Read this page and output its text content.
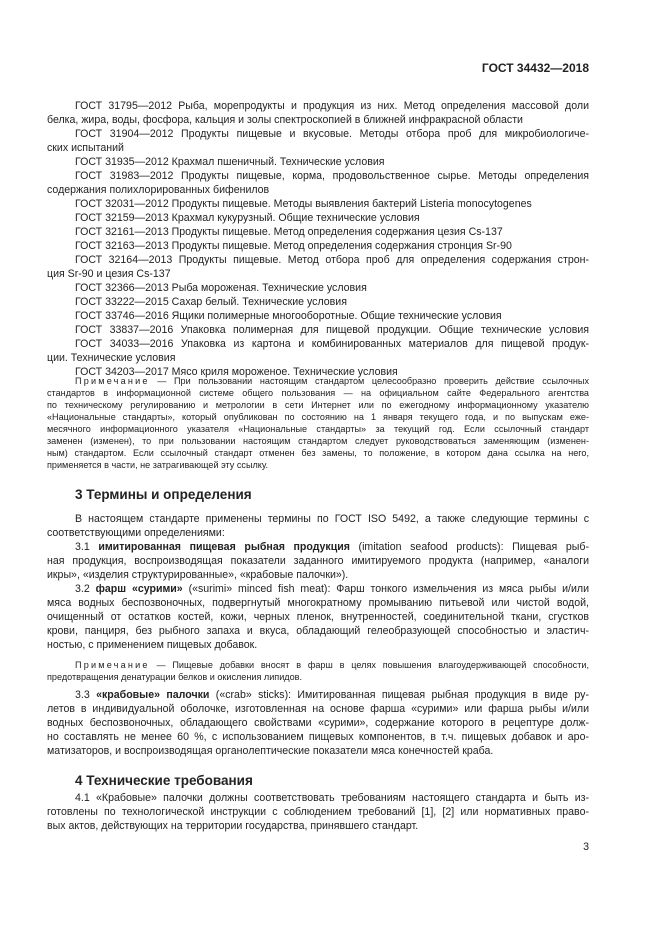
ГОСТ 34432—2018
ГОСТ 31795—2012 Рыба, морепродукты и продукция из них. Метод определения массовой доли
белка, жира, воды, фосфора, кальция и золы спектроскопией в ближней инфракрасной области
ГОСТ 31904—2012 Продукты пищевые и вкусовые. Методы отбора проб для микробиологиче-
ских испытаний
ГОСТ 31935—2012 Крахмал пшеничный. Технические условия
ГОСТ 31983—2012 Продукты пищевые, корма, продовольственное сырье. Методы определения
содержания полихлорированных бифенилов
ГОСТ 32031—2012 Продукты пищевые. Методы выявления бактерий Listeria monocytogenes
ГОСТ 32159—2013 Крахмал кукурузный. Общие технические условия
ГОСТ 32161—2013 Продукты пищевые. Метод определения содержания цезия Cs-137
ГОСТ 32163—2013 Продукты пищевые. Метод определения содержания стронция Sr-90
ГОСТ 32164—2013 Продукты пищевые. Метод отбора проб для определения содержания строн-
ция Sr-90 и цезия Cs-137
ГОСТ 32366—2013 Рыба мороженая. Технические условия
ГОСТ 33222—2015 Сахар белый. Технические условия
ГОСТ 33746—2016 Ящики полимерные многооборотные. Общие технические условия
ГОСТ 33837—2016 Упаковка полимерная для пищевой продукции. Общие технические условия
ГОСТ 34033—2016 Упаковка из картона и комбинированных материалов для пищевой продук-
ции. Технические условия
ГОСТ 34203—2017 Мясо криля мороженое. Технические условия
Примечание — При пользовании настоящим стандартом целесообразно проверить действие ссылочных
стандартов в информационной системе общего пользования — на официальном сайте Федерального агентства
по техническому регулированию и метрологии в сети Интернет или по ежегодному информационному указателю
«Национальные стандарты», который опубликован по состоянию на 1 января текущего года, и по выпускам еже-
месячного информационного указателя «Национальные стандарты» за текущий год. Если ссылочный стандарт
заменен (изменен), то при пользовании настоящим стандартом следует руководствоваться заменяющим (изменен-
ным) стандартом. Если ссылочный стандарт отменен без замены, то положение, в котором дана ссылка на него,
применяется в части, не затрагивающей эту ссылку.
3 Термины и определения
В настоящем стандарте применены термины по ГОСТ ISO 5492, а также следующие термины с
соответствующими определениями:
3.1 имитированная пищевая рыбная продукция (imitation seafood products): Пищевая рыб-
ная продукция, воспроизводящая показатели заданного имитируемого продукта (например, «аналоги
икры», «изделия структурированные», «крабовые палочки»).
3.2 фарш «сурими» («surimi» minced fish meat): Фарш тонкого измельчения из мяса рыбы и/или
мяса водных беспозвоночных, подвергнутый многократному промыванию питьевой или чистой водой,
очищенный от остатков костей, кожи, черных пленок, внутренностей, соединительной ткани, сгустков
крови, панциря, без рыбного запаха и вкуса, обладающий гелеобразующей способностью и эластич-
ностью, с применением пищевых добавок.
Примечание — Пищевые добавки вносят в фарш в целях повышения влагоудерживающей способности,
предотвращения денатурации белков и окисления липидов.
3.3 «крабовые» палочки («crab» sticks): Имитированная пищевая рыбная продукция в виде ру-
летов в индивидуальной оболочке, изготовленная на основе фарша «сурими» или фарша рыбы и/или
водных беспозвоночных, обладающего свойствами «сурими», содержание которого в рецептуре долж-
но составлять не менее 60 %, с использованием пищевых компонентов, в т.ч. пищевых добавок и аро-
матизаторов, и воспроизводящая органолептические показатели мяса конечностей краба.
4 Технические требования
4.1 «Крабовые» палочки должны соответствовать требованиям настоящего стандарта и быть из-
готовлены по технологической инструкции с соблюдением требований [1], [2] или нормативных право-
вых актов, действующих на территории государства, принявшего стандарт.
3
